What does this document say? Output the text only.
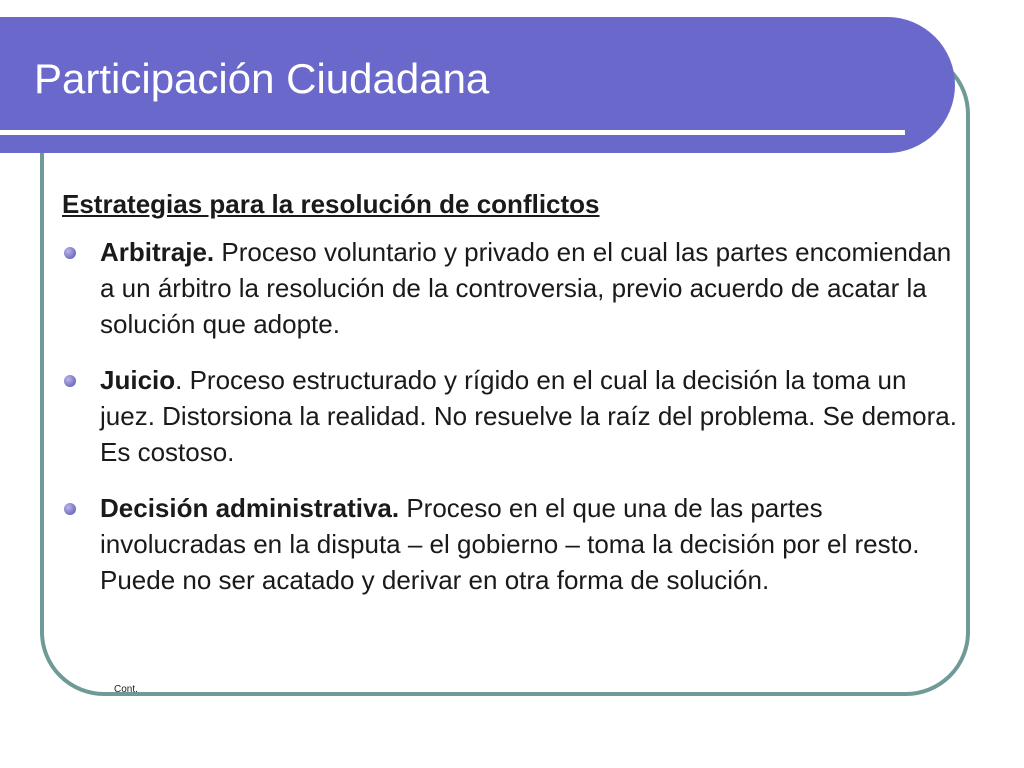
Participación Ciudadana

Estrategias para la resolución de conflictos

Arbitraje. Proceso voluntario y privado en el cual las partes encomiendan a un árbitro la resolución de la controversia, previo acuerdo de acatar la solución que adopte.

Juicio. Proceso estructurado y rígido en el cual la decisión la toma un juez. Distorsiona la realidad. No resuelve la raíz del problema. Se demora. Es costoso.

Decisión administrativa. Proceso en el que una de las partes involucradas en la disputa – el gobierno – toma la decisión por el resto. Puede no ser acatado y derivar en otra forma de solución.

Cont.
